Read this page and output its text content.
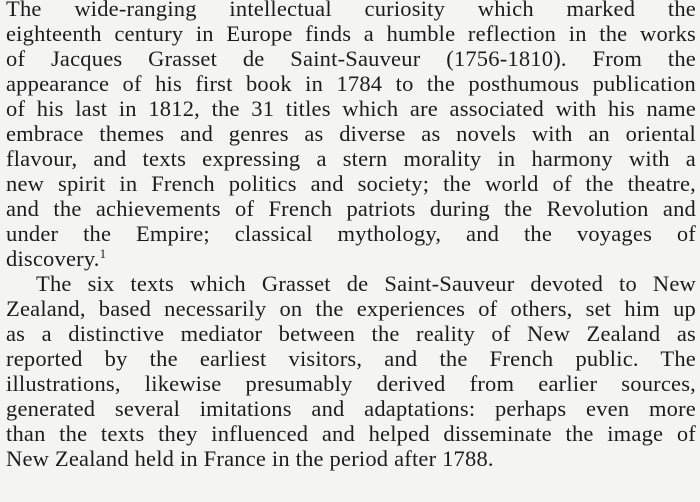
The wide-ranging intellectual curiosity which marked the

eighteenth century in Europe finds a humble reflection in the works

of Jacques Grasset de Saint-Sauveur (1756-1810). From the

appearance of his first book in 1784 to the posthumous publication

of his last in 1812, the 31 titles which are associated with his name

embrace themes and genres as diverse as novels with an oriental

flavour, and texts expressing a stern morality in harmony with a

new spirit in French politics and society; the world of the theatre,

and the achievements of French patriots during the Revolution and

under the Empire; classical mythology, and the voyages of

discovery.$^1$

The six texts which Grasset de Saint-Sauveur devoted to New

Zealand, based necessarily on the experiences of others, set him up

as a distinctive mediator between the reality of New Zealand as

reported by the earliest visitors, and the French public. The

illustrations, likewise presumably derived from earlier sources,

generated several imitations and adaptations: perhaps even more

than the texts they influenced and helped disseminate the image of

New Zealand held in France in the period after 1788.
